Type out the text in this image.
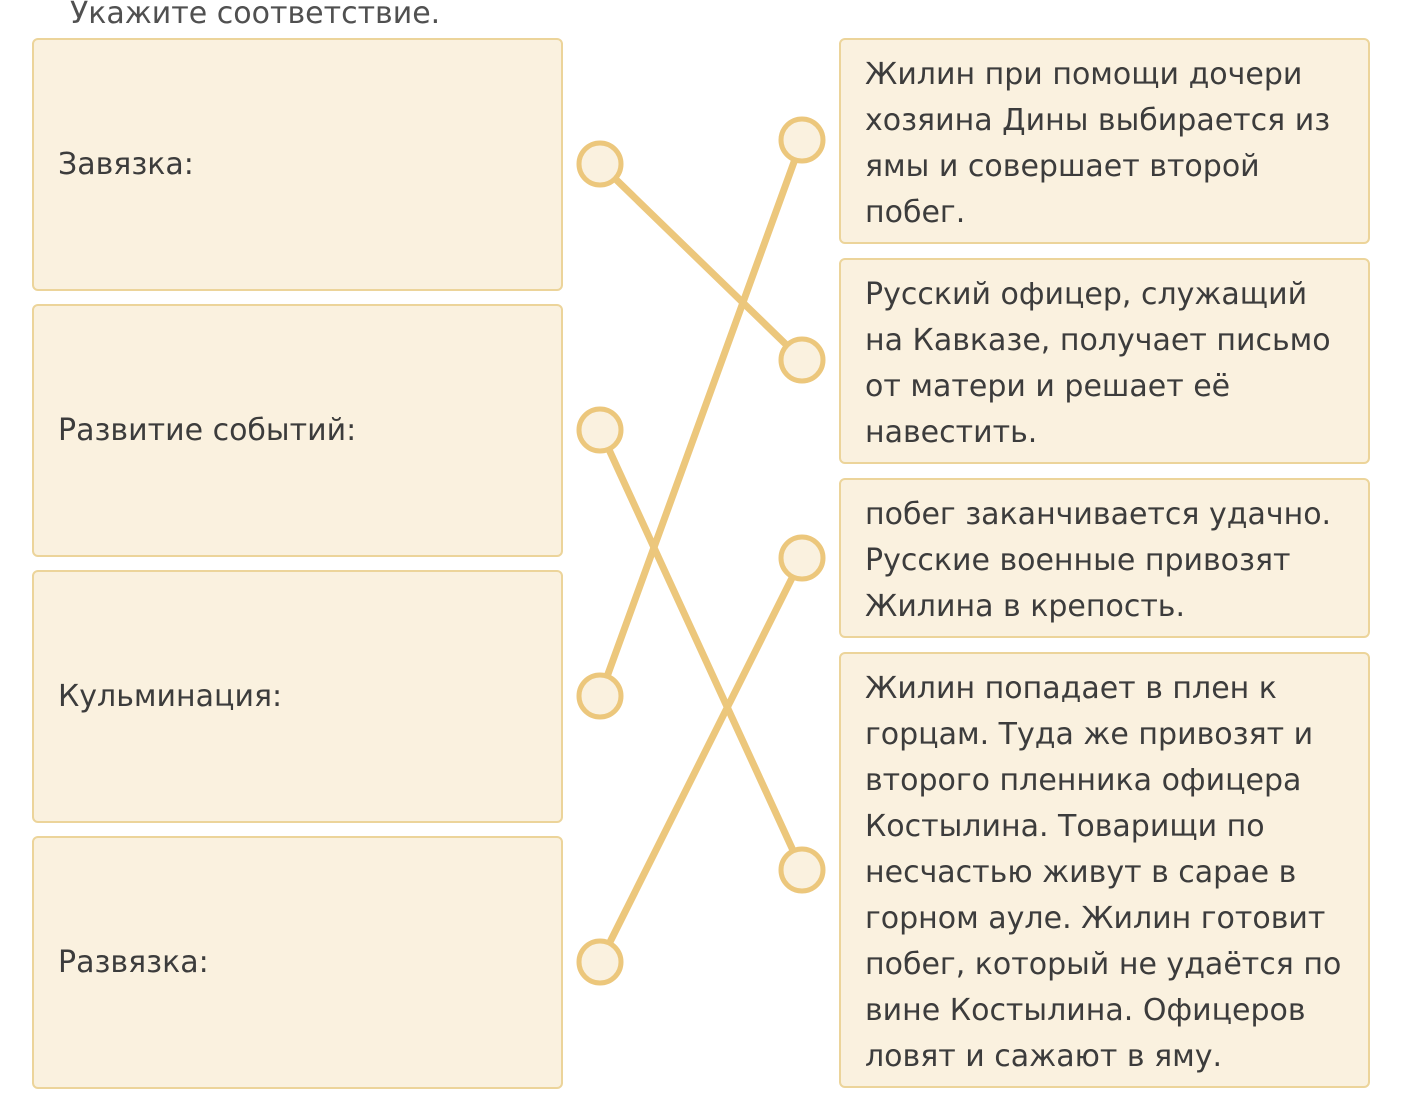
Укажите соответствие.
Завязка:
Развитие событий:
Кульминация:
Развязка:
Жилин при помощи дочери хозяина Дины выбирается из ямы и совершает второй побег.
Русский офицер, служащий на Кавказе, получает письмо от матери и решает её навестить.
побег заканчивается удачно. Русские военные привозят Жилина в крепость.
Жилин попадает в плен к горцам. Туда же привозят и второго пленника офицера Костылина. Товарищи по несчастью живут в сарае в горном ауле. Жилин готовит побег, который не удаётся по вине Костылина. Офицеров ловят и сажают в яму.
